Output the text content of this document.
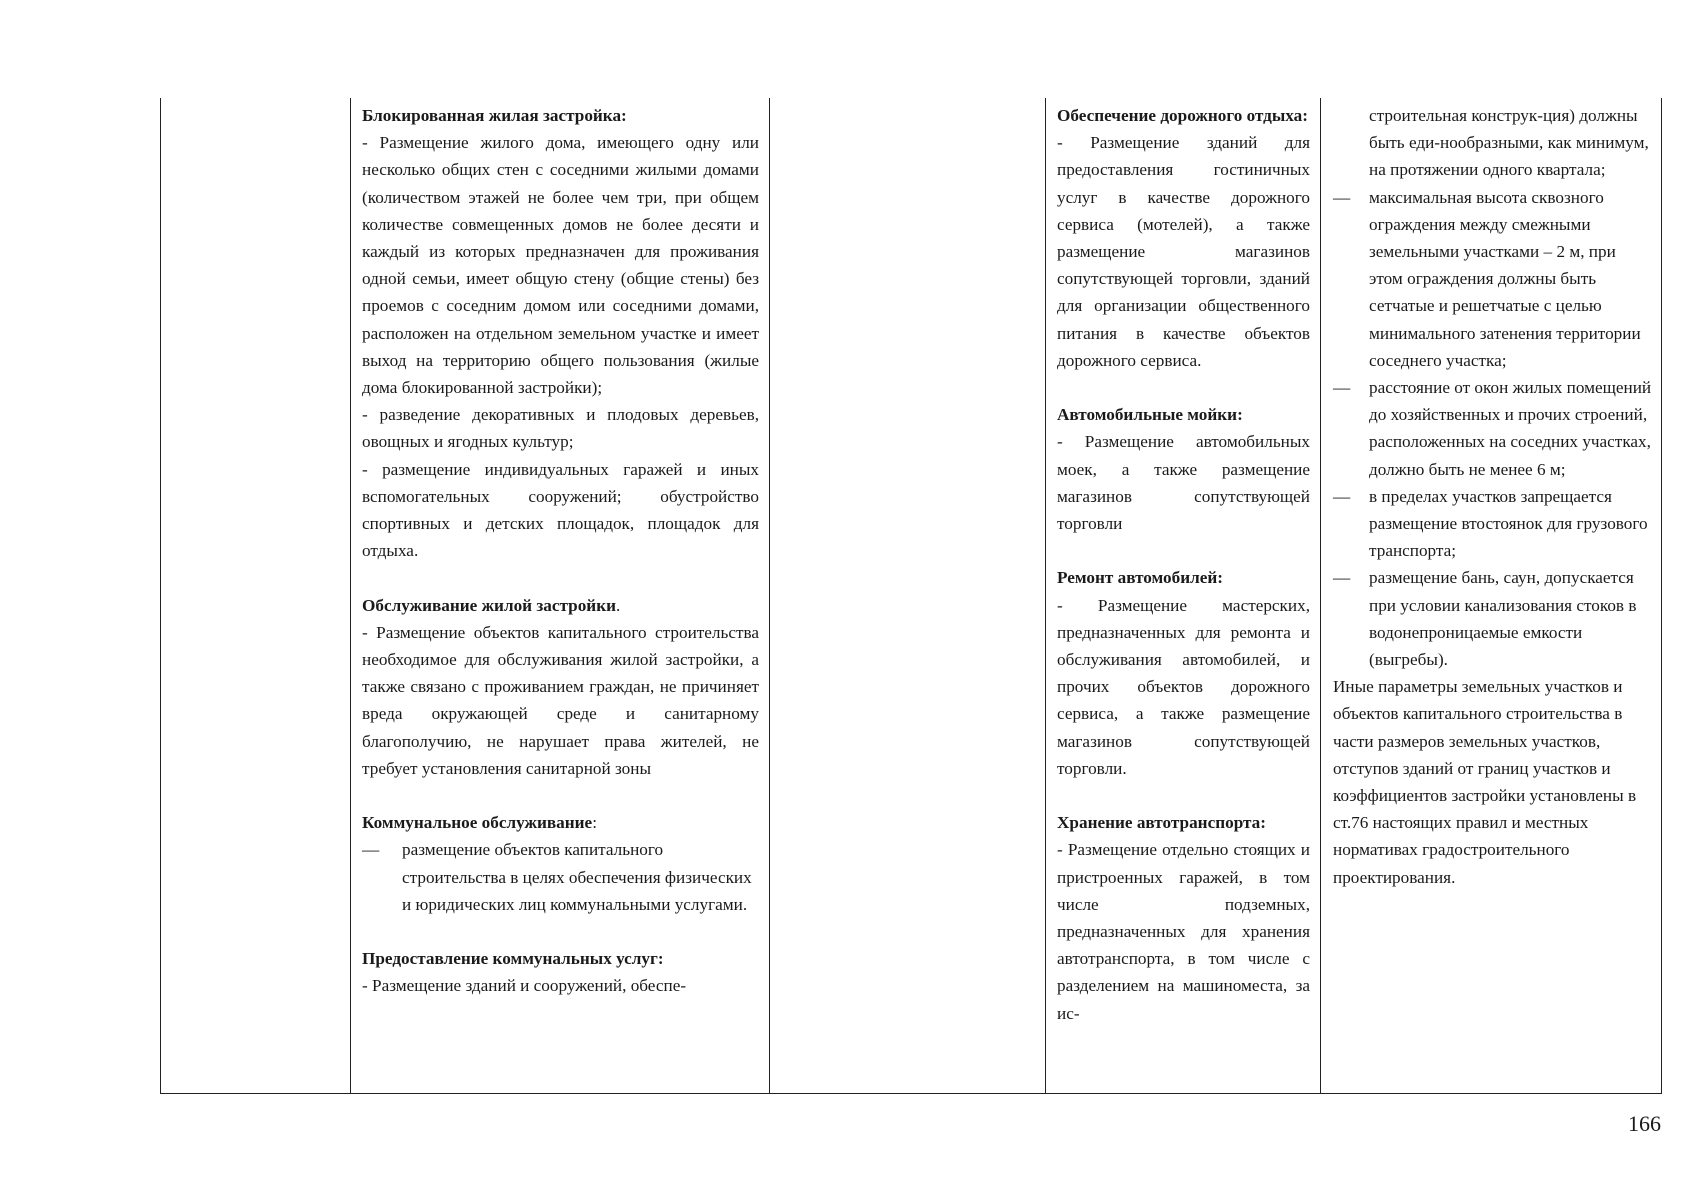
Блокированная жилая застройка:

- Размещение жилого дома, имеющего одну или несколько общих стен с соседними жилыми домами (количеством этажей не более чем три, при общем количестве совмещенных домов не более десяти и каждый из которых предназначен для проживания одной семьи, имеет общую стену (общие стены) без проемов с соседним домом или соседними домами, расположен на отдельном земельном участке и имеет выход на территорию общего пользования (жилые дома блокированной застройки);

- разведение декоративных и плодовых деревьев, овощных и ягодных культур;

- размещение индивидуальных гаражей и иных вспомогательных сооружений; обустройство спортивных и детских площадок, площадок для отдыха.

Обслуживание жилой застройки.

- Размещение объектов капитального строительства необходимое для обслуживания жилой застройки, а также связано с проживанием граждан, не причиняет вреда окружающей среде и санитарному благополучию, не нарушает права жителей, не требует установления санитарной зоны

Коммунальное обслуживание:

— размещение объектов капитального строительства в целях обеспечения физических и юридических лиц коммунальными услугами.

Предоставление коммунальных услуг:

- Размещение зданий и сооружений, обеспе-

Обеспечение дорожного отдыха:

- Размещение зданий для предоставления гостиничных услуг в качестве дорожного сервиса (мотелей), а также размещение магазинов сопутствующей торговли, зданий для организации общественного питания в качестве объектов дорожного сервиса.

Автомобильные мойки:

- Размещение автомобильных моек, а также размещение магазинов сопутствующей торговли

Ремонт автомобилей:

- Размещение мастерских, предназначенных для ремонта и обслуживания автомобилей, и прочих объектов дорожного сервиса, а также размещение магазинов сопутствующей торговли.

Хранение автотранспорта:

- Размещение отдельно стоящих и пристроенных гаражей, в том числе подземных, предназначенных для хранения автотранспорта, в том числе с разделением на машиноместа, за ис-

строительная конструк-ция) должны быть еди-нообразными, как минимум, на протяжении одного квартала;
— максимальная высота сквозного ограждения между смежными земельными участками – 2 м, при этом ограждения должны быть сетчатые и решетчатые с целью минимального затенения территории соседнего участка;
— расстояние от окон жилых помещений до хозяйственных и прочих строений, расположенных на соседних участках, должно быть не менее 6 м;
— в пределах участков запрещается размещение втостоянок для грузового транспорта;
— размещение бань, саун, допускается при условии канализования стоков в водонепроницаемые емкости (выгребы).

Иные параметры земельных участков и объектов капитального строительства в части размеров земельных участков, отступов зданий от границ участков и коэффициентов застройки установлены в ст.76 настоящих правил и местных нормативах градостроительного проектирования.

166
